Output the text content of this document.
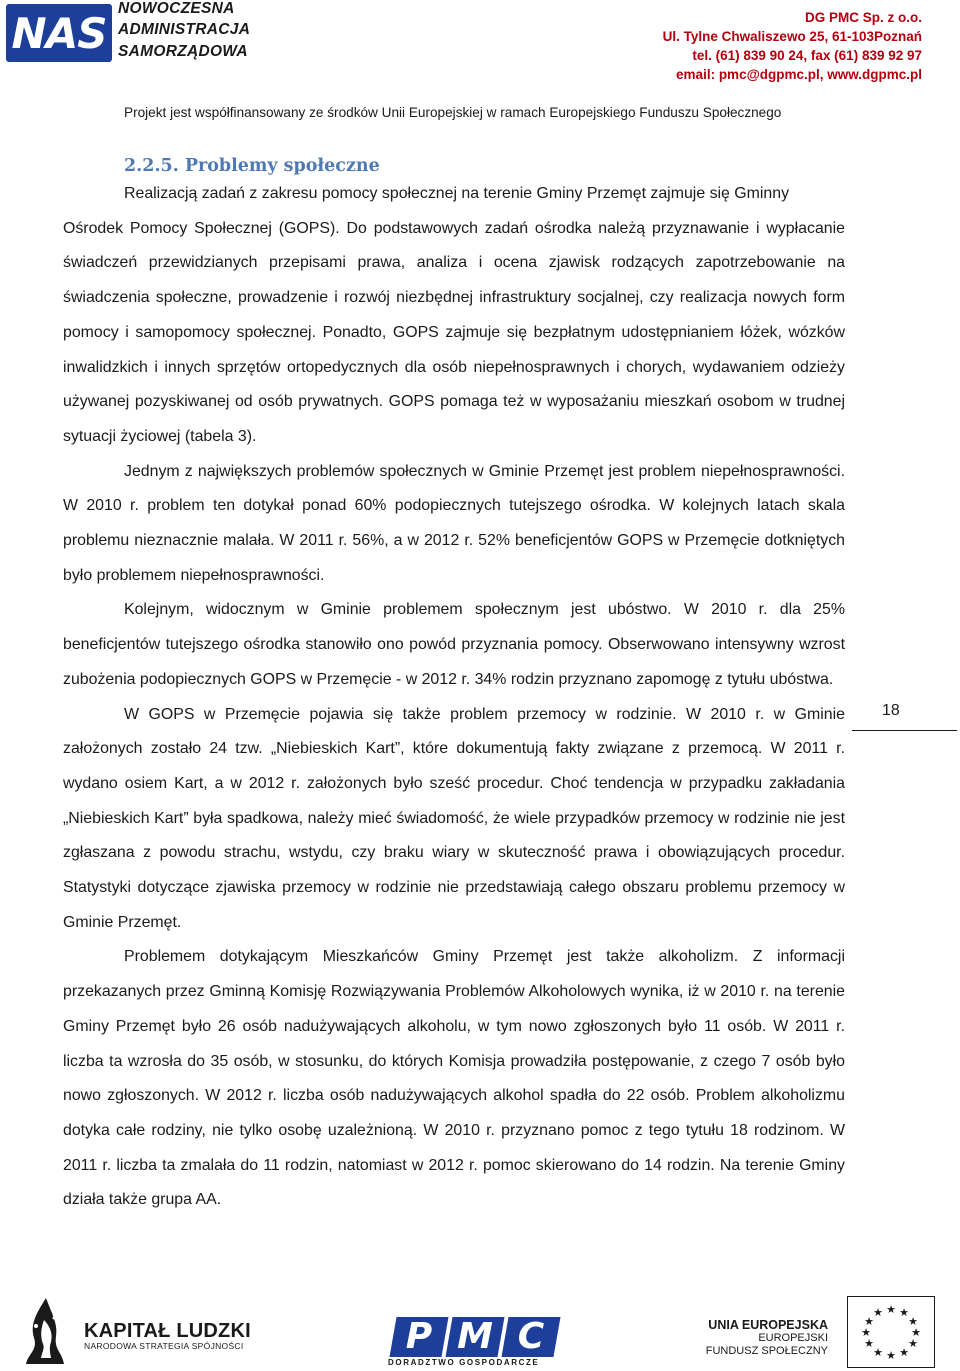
NAS
NOWOCZESNA
ADMINISTRACJA
SAMORZĄDOWA
DG PMC Sp. z o.o.
Ul. Tylne Chwaliszewo 25, 61-103Poznań
tel. (61) 839 90 24, fax (61) 839 92 97
email: pmc@dgpmc.pl, www.dgpmc.pl
Projekt jest współfinansowany ze środków Unii Europejskiej w ramach Europejskiego Funduszu Społecznego
2.2.5. Problemy społeczne

Realizacją zadań z zakresu pomocy społecznej na terenie Gminy Przemęt zajmuje się Gminny
Ośrodek Pomocy Społecznej (GOPS). Do podstawowych zadań ośrodka należą przyznawanie i wypłacanie świadczeń przewidzianych przepisami prawa, analiza i ocena zjawisk rodzących zapotrzebowanie na świadczenia społeczne, prowadzenie i rozwój niezbędnej infrastruktury socjalnej, czy realizacja nowych form pomocy i samopomocy społecznej. Ponadto, GOPS zajmuje się bezpłatnym udostępnianiem łóżek, wózków inwalidzkich i innych sprzętów ortopedycznych dla osób niepełnosprawnych i chorych, wydawaniem odzieży używanej pozyskiwanej od osób prywatnych. GOPS pomaga też w wyposażaniu mieszkań osobom w trudnej sytuacji życiowej (tabela 3).

Jednym z największych problemów społecznych w Gminie Przemęt jest problem niepełnosprawności. W 2010 r. problem ten dotykał ponad 60% podopiecznych tutejszego ośrodka. W kolejnych latach skala problemu nieznacznie malała. W 2011 r. 56%, a w 2012 r. 52% beneficjentów GOPS w Przemęcie dotkniętych było problemem niepełnosprawności.

Kolejnym, widocznym w Gminie problemem społecznym jest ubóstwo. W 2010 r. dla 25% beneficjentów tutejszego ośrodka stanowiło ono powód przyznania pomocy. Obserwowano intensywny wzrost zubożenia podopiecznych GOPS w Przemęcie - w 2012 r. 34% rodzin przyznano zapomogę z tytułu ubóstwa.

W GOPS w Przemęcie pojawia się także problem przemocy w rodzinie. W 2010 r. w Gminie założonych zostało 24 tzw. „Niebieskich Kart”, które dokumentują fakty związane z przemocą. W 2011 r. wydano osiem Kart, a w 2012 r. założonych było sześć procedur. Choć tendencja w przypadku zakładania „Niebieskich Kart” była spadkowa, należy mieć świadomość, że wiele przypadków przemocy w rodzinie nie jest zgłaszana z powodu strachu, wstydu, czy braku wiary w skuteczność prawa i obowiązujących procedur. Statystyki dotyczące zjawiska przemocy w rodzinie nie przedstawiają całego obszaru problemu przemocy w Gminie Przemęt.

Problemem dotykającym Mieszkańców Gminy Przemęt jest także alkoholizm. Z informacji przekazanych przez Gminną Komisję Rozwiązywania Problemów Alkoholowych wynika, iż w 2010 r. na terenie Gminy Przemęt było 26 osób nadużywających alkoholu, w tym nowo zgłoszonych było 11 osób. W 2011 r. liczba ta wzrosła do 35 osób, w stosunku, do których Komisja prowadziła postępowanie, z czego 7 osób było nowo zgłoszonych. W 2012 r. liczba osób nadużywających alkohol spadła do 22 osób. Problem alkoholizmu dotyka całe rodziny, nie tylko osobę uzależnioną. W 2010 r. przyznano pomoc z tego tytułu 18 rodzinom. W 2011 r. liczba ta zmalała do 11 rodzin, natomiast w 2012 r. pomoc skierowano do 14 rodzin. Na terenie Gminy działa także grupa AA.

18
KAPITAŁ LUDZKI
NARODOWA STRATEGIA SPÓJNOŚCI	P M C
DORADZTWO GOSPODARCZE
UNIA EUROPEJSKA
EUROPEJSKI
FUNDUSZ SPOŁECZNY
★ ★
★
★
★
★
★
★
★
★
★
★
